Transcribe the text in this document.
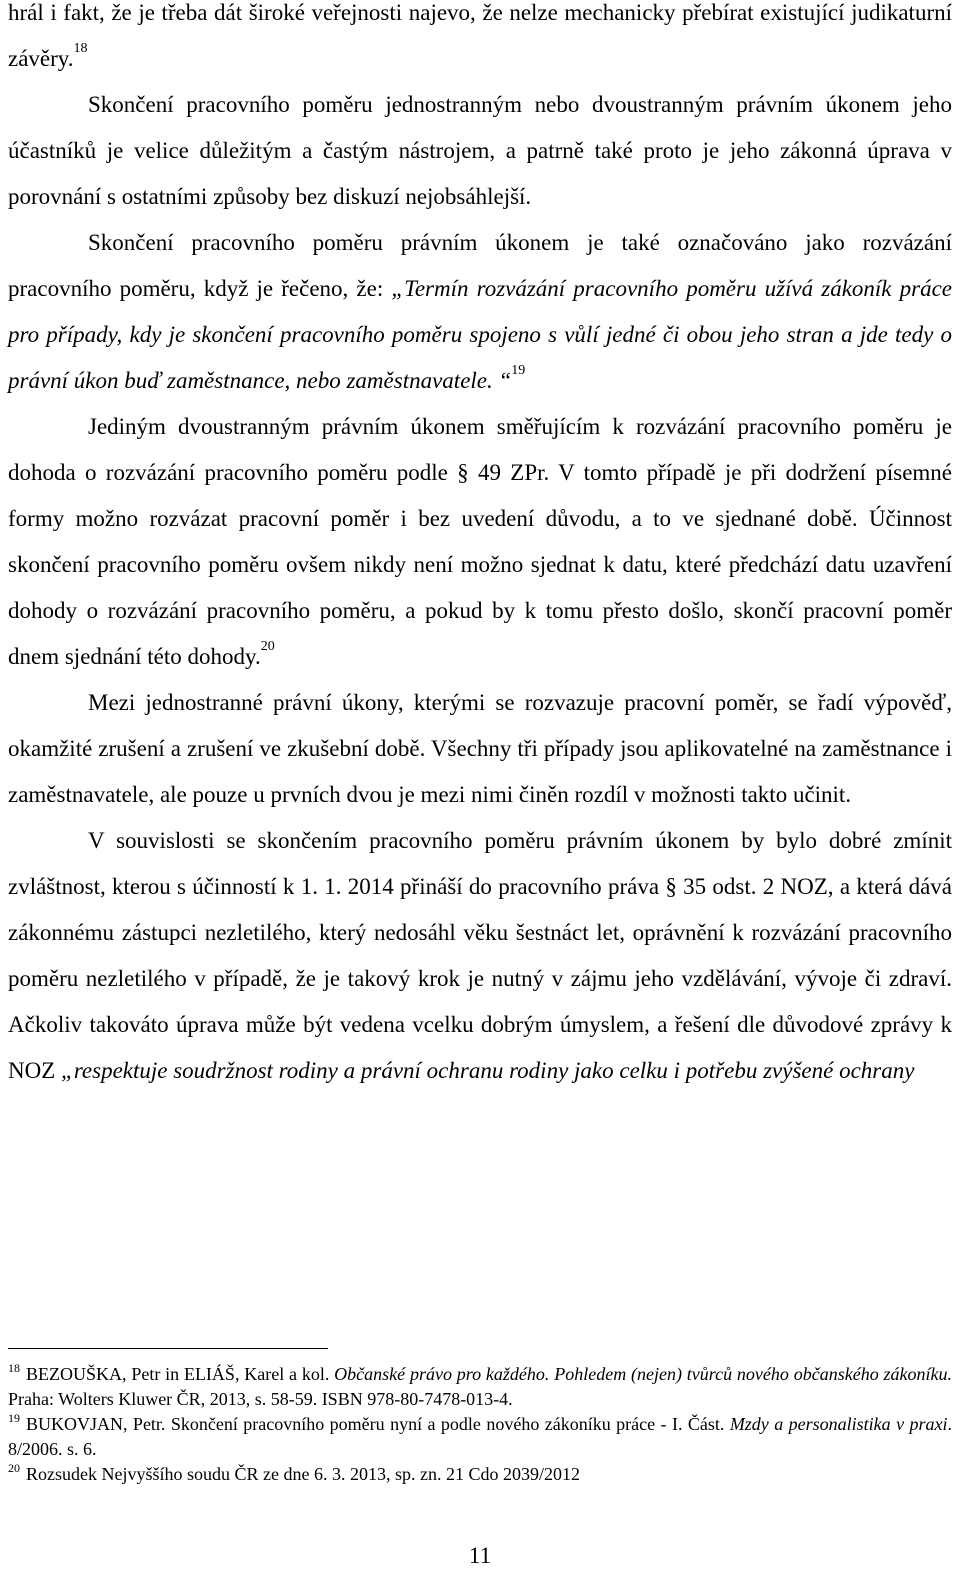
hrál i fakt, že je třeba dát široké veřejnosti najevo, že nelze mechanicky přebírat existující judikaturní závěry.$^{18}$

Skončení pracovního poměru jednostranným nebo dvoustranným právním úkonem jeho účastníků je velice důležitým a častým nástrojem, a patrně také proto je jeho zákonná úprava v porovnání s ostatními způsoby bez diskuzí nejobsáhlejší.

Skončení pracovního poměru právním úkonem je také označováno jako rozvázání pracovního poměru, když je řečeno, že: „Termín rozvázání pracovního poměru užívá zákoník práce pro případy, kdy je skončení pracovního poměru spojeno s vůlí jedné či obou jeho stran a jde tedy o právní úkon buď zaměstnance, nebo zaměstnavatele. “$^{19}$

Jediným dvoustranným právním úkonem směřujícím k rozvázání pracovního poměru je dohoda o rozvázání pracovního poměru podle § 49 ZPr. V tomto případě je při dodržení písemné formy možno rozvázat pracovní poměr i bez uvedení důvodu, a to ve sjednané době. Účinnost skončení pracovního poměru ovšem nikdy není možno sjednat k datu, které předchází datu uzavření dohody o rozvázání pracovního poměru, a pokud by k tomu přesto došlo, skončí pracovní poměr dnem sjednání této dohody.$^{20}$

Mezi jednostranné právní úkony, kterými se rozvazuje pracovní poměr, se řadí výpověď, okamžité zrušení a zrušení ve zkušební době. Všechny tři případy jsou aplikovatelné na zaměstnance i zaměstnavatele, ale pouze u prvních dvou je mezi nimi činěn rozdíl v možnosti takto učinit.

V souvislosti se skončením pracovního poměru právním úkonem by bylo dobré zmínit zvláštnost, kterou s účinností k 1. 1. 2014 přináší do pracovního práva § 35 odst. 2 NOZ, a která dává zákonnému zástupci nezletilého, který nedosáhl věku šestnáct let, oprávnění k rozvázání pracovního poměru nezletilého v případě, že je takový krok je nutný v zájmu jeho vzdělávání, vývoje či zdraví. Ačkoliv takováto úprava může být vedena vcelku dobrým úmyslem, a řešení dle důvodové zprávy k NOZ „respektuje soudržnost rodiny a právní ochranu rodiny jako celku i potřebu zvýšené ochrany

$^{18}$ BEZOUŠKA, Petr in ELIÁŠ, Karel a kol. Občanské právo pro každého. Pohledem (nejen) tvůrců nového občanského zákoníku. Praha: Wolters Kluwer ČR, 2013, s. 58-59. ISBN 978-80-7478-013-4.

$^{19}$ BUKOVJAN, Petr. Skončení pracovního poměru nyní a podle nového zákoníku práce - I. Část. Mzdy a personalistika v praxi. 8/2006. s. 6.

$^{20}$ Rozsudek Nejvyššího soudu ČR ze dne 6. 3. 2013, sp. zn. 21 Cdo 2039/2012

11
